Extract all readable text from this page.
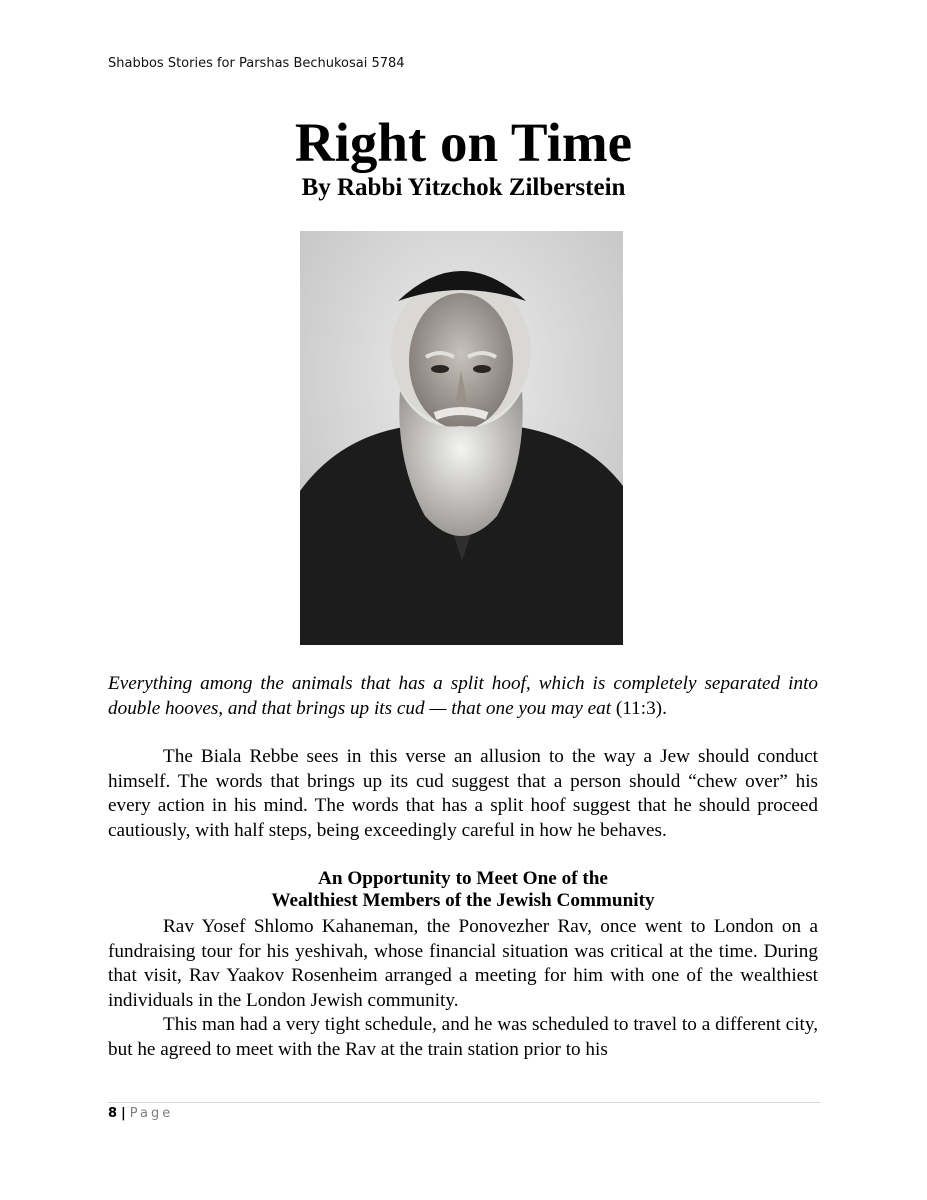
Shabbos Stories for Parshas Bechukosai 5784
Right on Time
By Rabbi Yitzchok Zilberstein
Everything among the animals that has a split hoof, which is completely separated into double hooves, and that brings up its cud — that one you may eat (11:3).
The Biala Rebbe sees in this verse an allusion to the way a Jew should conduct himself. The words that brings up its cud suggest that a person should “chew over” his every action in his mind. The words that has a split hoof suggest that he should proceed cautiously, with half steps, being exceedingly careful in how he behaves.
An Opportunity to Meet One of the
Wealthiest Members of the Jewish Community
Rav Yosef Shlomo Kahaneman, the Ponovezher Rav, once went to London on a fundraising tour for his yeshivah, whose financial situation was critical at the time. During that visit, Rav Yaakov Rosenheim arranged a meeting for him with one of the wealthiest individuals in the London Jewish community.
This man had a very tight schedule, and he was scheduled to travel to a different city, but he agreed to meet with the Rav at the train station prior to his
8 | Page
